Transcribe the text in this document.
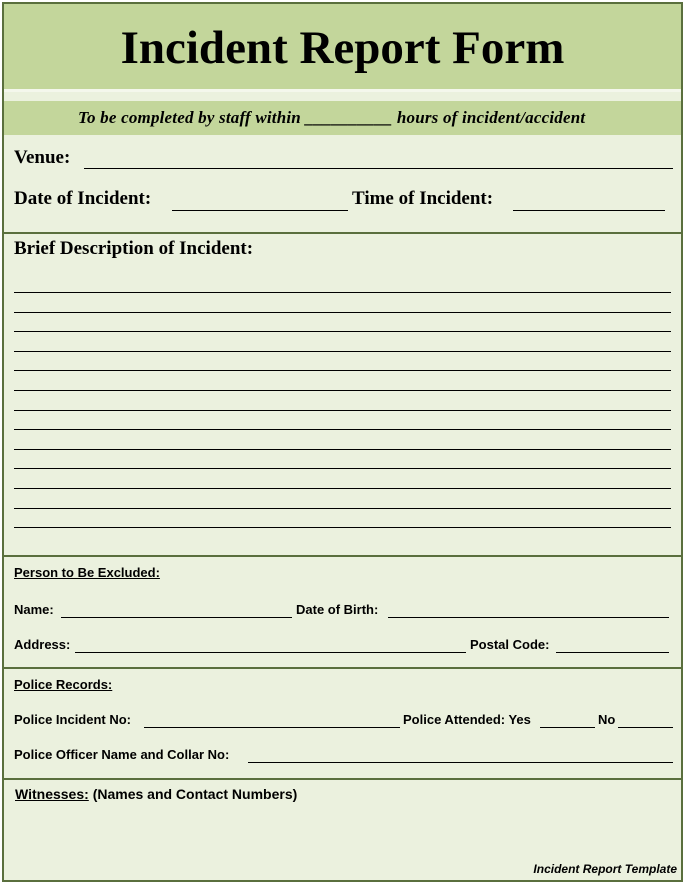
Incident Report Form
To be completed by staff within __________ hours of incident/accident
Venue:
Date of Incident:	Time of Incident:
Brief Description of Incident:
Person to Be Excluded:
Name:	Date of Birth:
Address:	Postal Code:
Police Records:
Police Incident No:	Police Attended: Yes	No
Police Officer Name and Collar No:
Witnesses: (Names and Contact Numbers)
Incident Report Template
